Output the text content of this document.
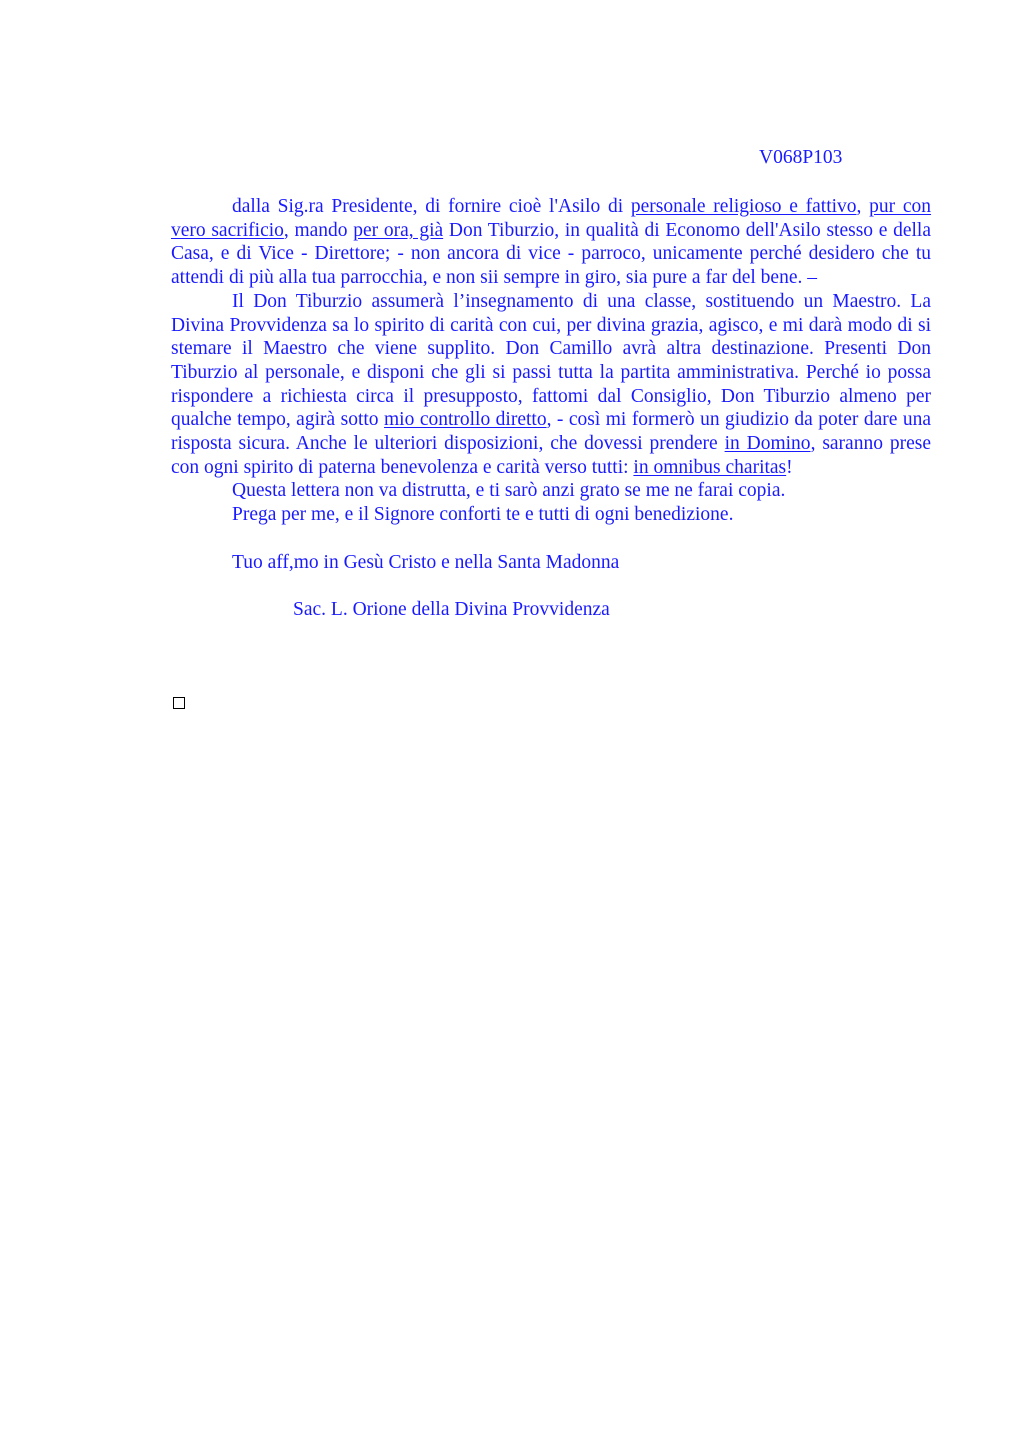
V068P103

dalla Sig.ra Presidente, di fornire cioè l'Asilo di personale religioso e fattivo, pur con vero sacrificio, mando per ora, già Don Tiburzio, in qualità di Economo dell'Asilo stesso e della Casa, e di Vice - Direttore; - non ancora di vice - parroco, unicamente perché desidero che tu attendi di più alla tua parrocchia, e non sii sempre in giro, sia pure a far del bene. –

Il Don Tiburzio assumerà l’insegnamento di una classe, sostituendo un Maestro. La Divina Provvidenza sa lo spirito di carità con cui, per divina grazia, agisco, e mi darà modo di si stemare il Maestro che viene supplito. Don Camillo avrà altra destinazione. Presenti Don Tiburzio al personale, e disponi che gli si passi tutta la partita amministrativa. Perché io possa rispondere a richiesta circa il presupposto, fattomi dal Consiglio, Don Tiburzio almeno per qualche tempo, agirà sotto mio controllo diretto, - così mi formerò un giudizio da poter dare una risposta sicura. Anche le ulteriori disposizioni, che dovessi prendere in Domino, saranno prese con ogni spirito di paterna benevolenza e carità verso tutti: in omnibus charitas!

Questa lettera non va distrutta, e ti sarò anzi grato se me ne farai copia.

Prega per me, e il Signore conforti te e tutti di ogni benedizione.

Tuo aff,mo in Gesù Cristo e nella Santa Madonna

Sac. L. Orione della Divina Provvidenza
